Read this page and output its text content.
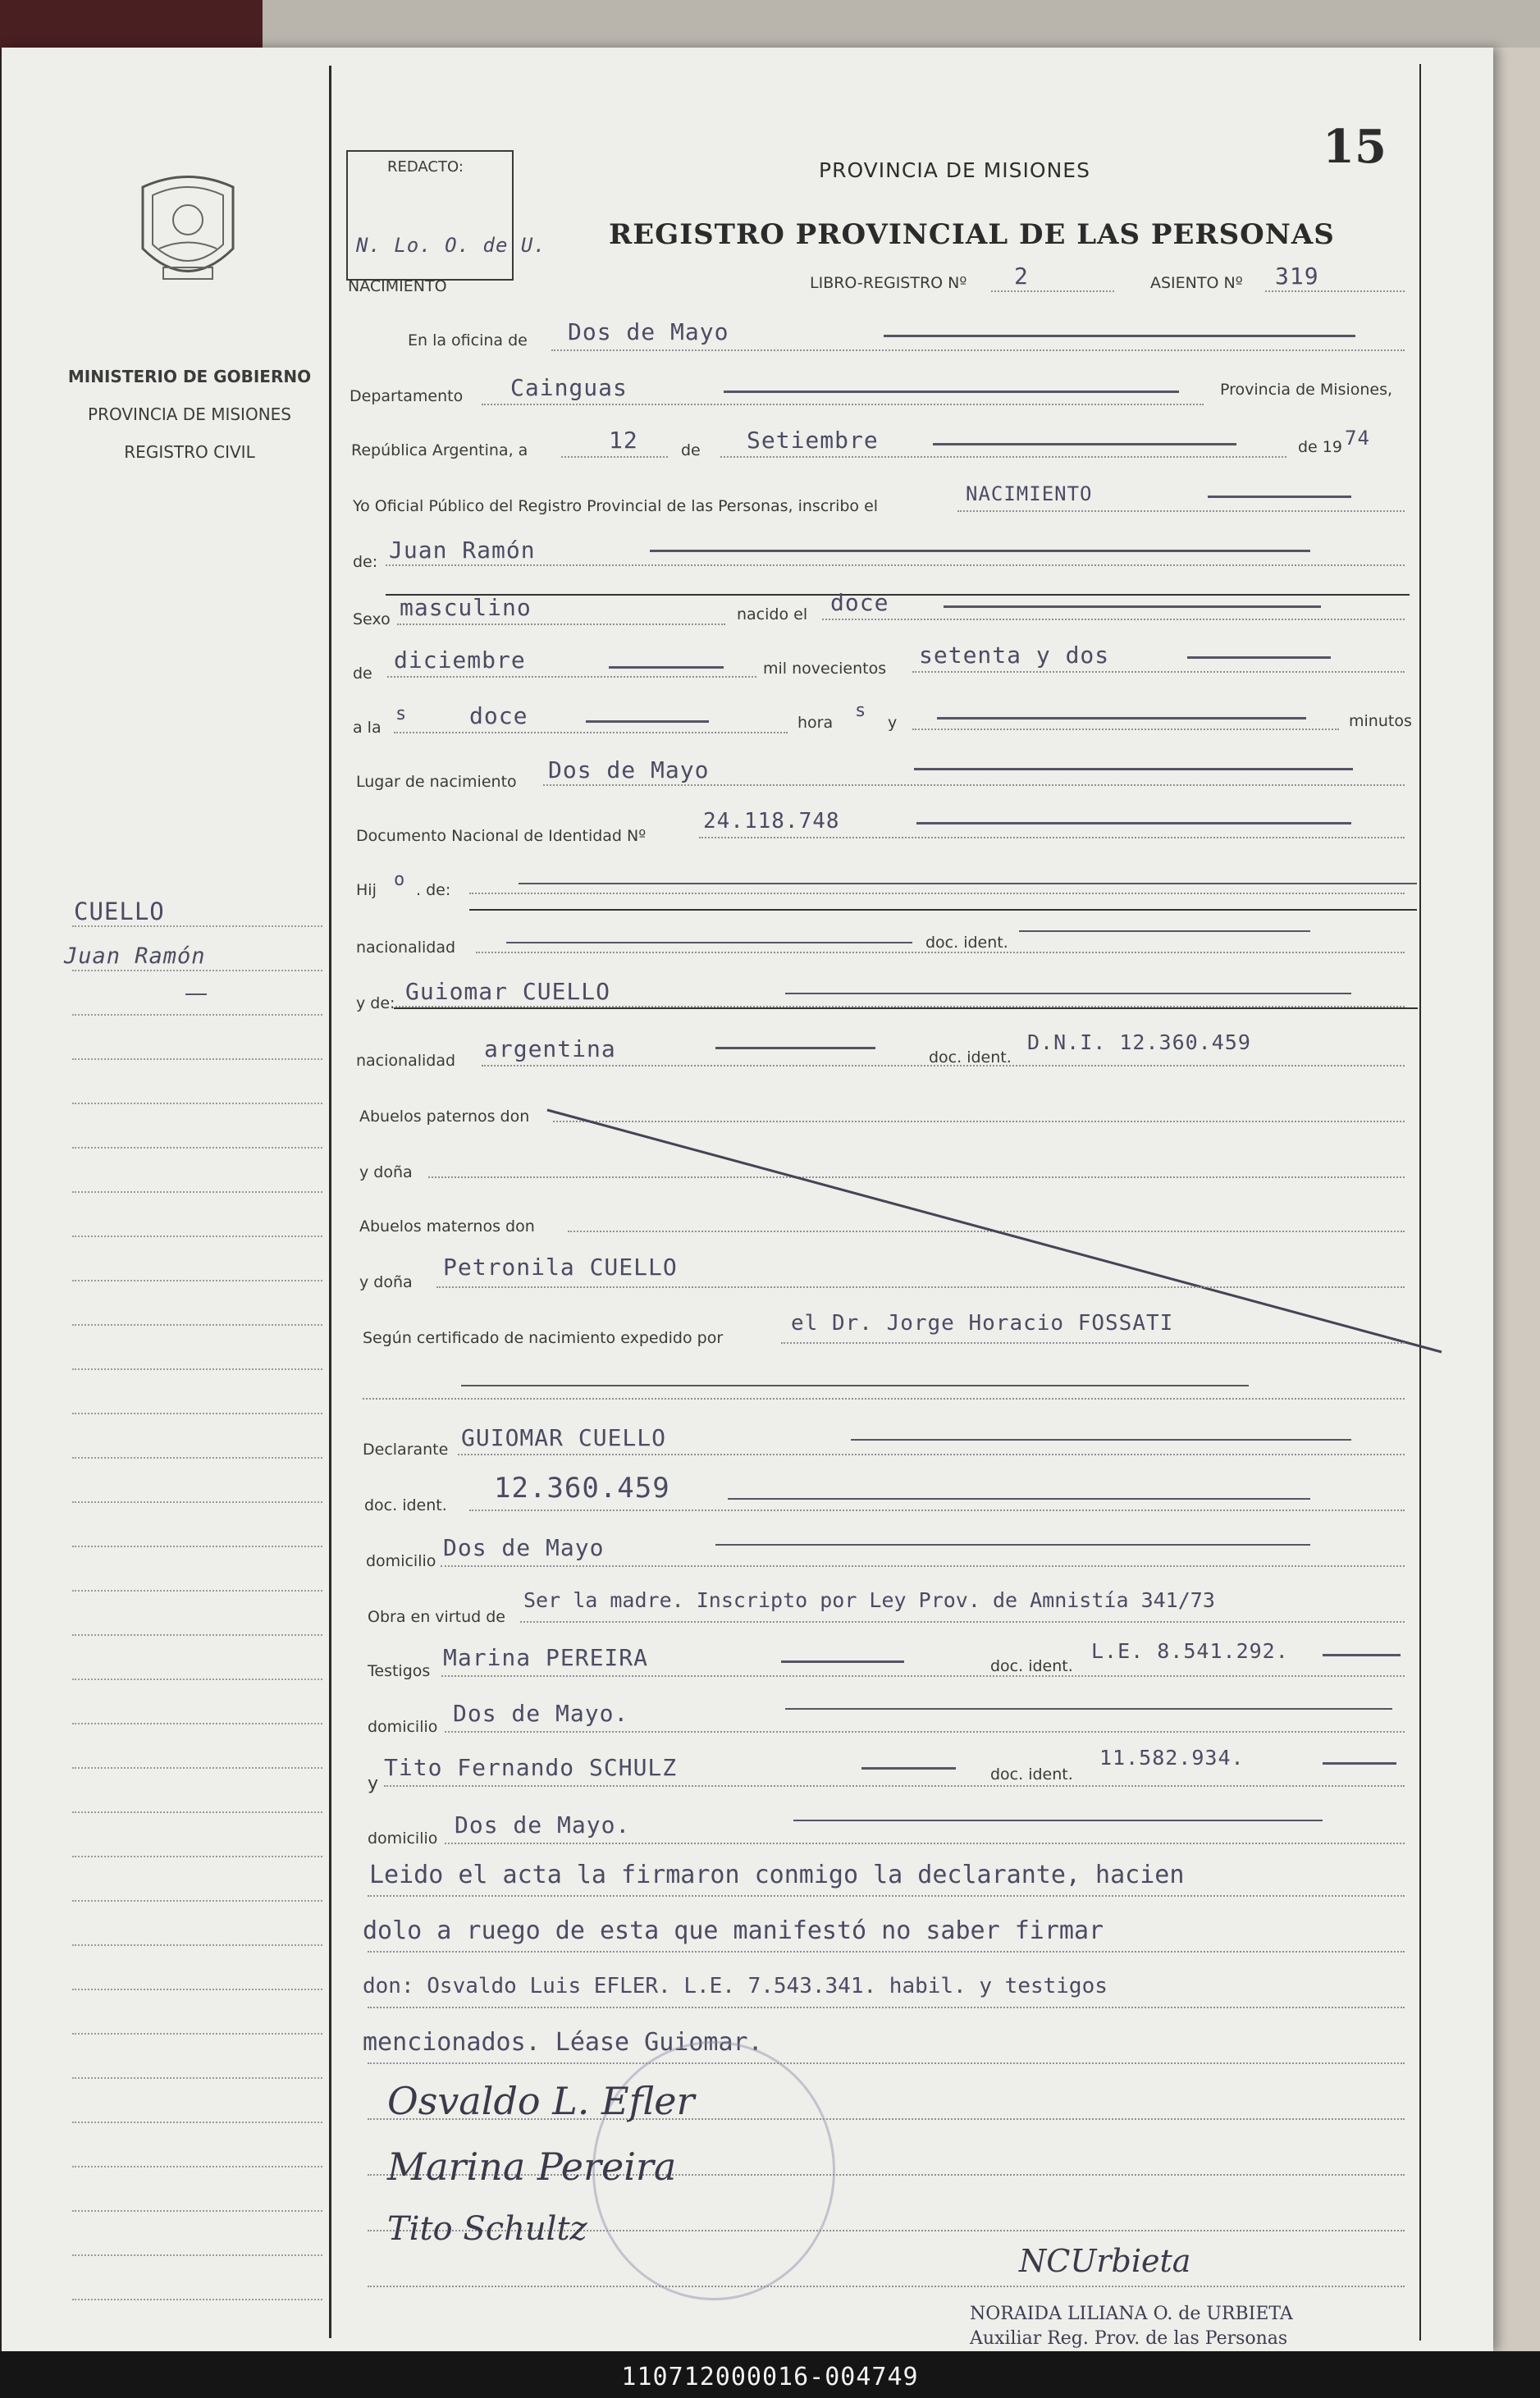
MINISTERIO DE GOBIERNO
PROVINCIA DE MISIONES
REGISTRO CIVIL
CUELLO
Juan Ramón
REDACTO:
N. Lo. O. de U.
15
PROVINCIA DE MISIONES
REGISTRO PROVINCIAL DE LAS PERSONAS
NACIMIENTO	LIBRO-REGISTRO Nº 2	ASIENTO Nº 319
En la oficina de Dos de Mayo
Departamento Cainguas	Provincia de Misiones,
República Argentina, a	12	de Setiembre	de 19 74
Yo Oficial Público del Registro Provincial de las Personas, inscribo el
NACIMIENTO
de: Juan Ramón
Sexo masculino	nacido el doce
de diciembre	mil novecientos setenta y dos
a la
s	doce	hora
s
y	minutos
Lugar de nacimiento Dos de Mayo
Documento Nacional de Identidad Nº
24.118.748
Hij o . de:
nacionalidad	doc. ident.
y de: Guiomar CUELLO
nacionalidad argentina	doc. ident.
D.N.I. 12.360.459
Abuelos paternos don
y doña
Abuelos maternos don
y doña
Petronila CUELLO
Según certificado de nacimiento expedido por
el Dr. Jorge Horacio FOSSATI
Declarante GUIOMAR CUELLO
doc. ident.
12.360.459
domicilio Dos de Mayo
Obra en virtud de
Ser la madre. Inscripto por Ley Prov. de Amnistía 341/73
Testigos Marina PEREIRA	doc. ident.
L.E. 8.541.292.
domicilio Dos de Mayo.
y
Tito Fernando SCHULZ	doc. ident.
11.582.934.
domicilio Dos de Mayo.
Leido el acta la firmaron conmigo la declarante, hacien
dolo a ruego de esta que manifestó no saber firmar
don: Osvaldo Luis EFLER. L.E. 7.543.341. habil. y testigos
mencionados. Léase Guiomar.
Osvaldo L. Efler
Marina Pereira
Tito Schultz
NCUrbieta
NORAIDA LILIANA O. de URBIETA
Auxiliar Reg. Prov. de las Personas
110712000016-004749
